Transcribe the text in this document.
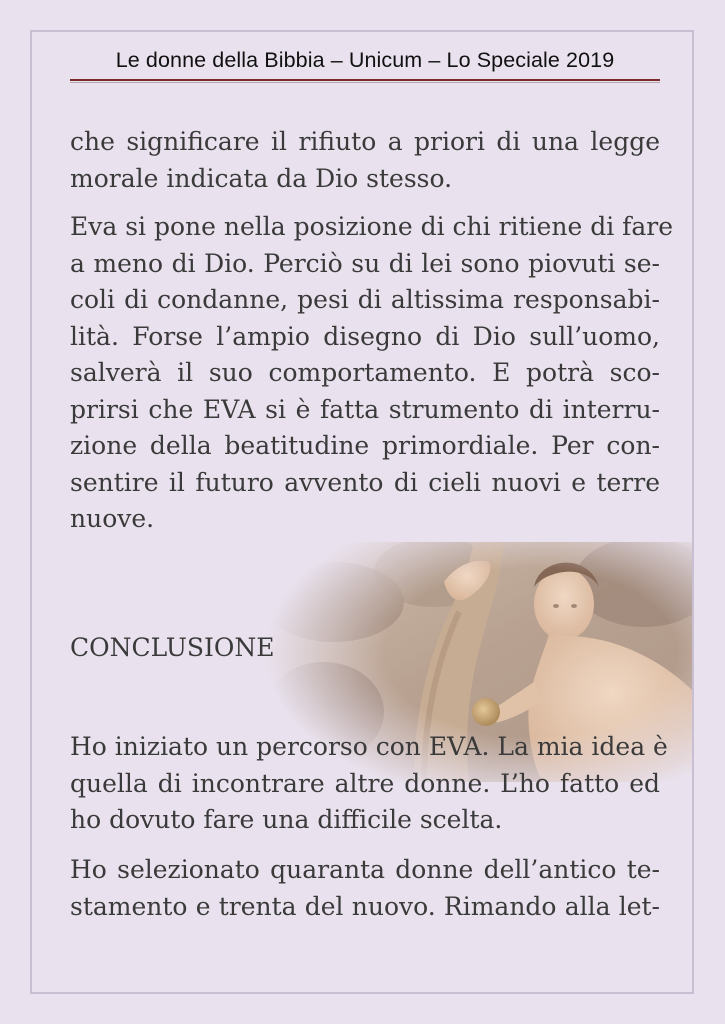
Le donne della Bibbia – Unicum – Lo Speciale 2019

che significare il rifiuto a priori di una legge
morale indicata da Dio stesso.

Eva si pone nella posizione di chi ritiene di fare
a meno di Dio. Perciò su di lei sono piovuti se-
coli di condanne, pesi di altissima responsabi-
lità. Forse l’ampio disegno di Dio sull’uomo,
salverà il suo comportamento. E potrà sco-
prirsi che EVA si è fatta strumento di interru-
zione della beatitudine primordiale. Per con-
sentire il futuro avvento di cieli nuovi e terre
nuove.

CONCLUSIONE

Ho iniziato un percorso con EVA. La mia idea è
quella di incontrare altre donne. L’ho fatto ed
ho dovuto fare una difficile scelta.

Ho selezionato quaranta donne dell’antico te-
stamento e trenta del nuovo. Rimando alla let-
